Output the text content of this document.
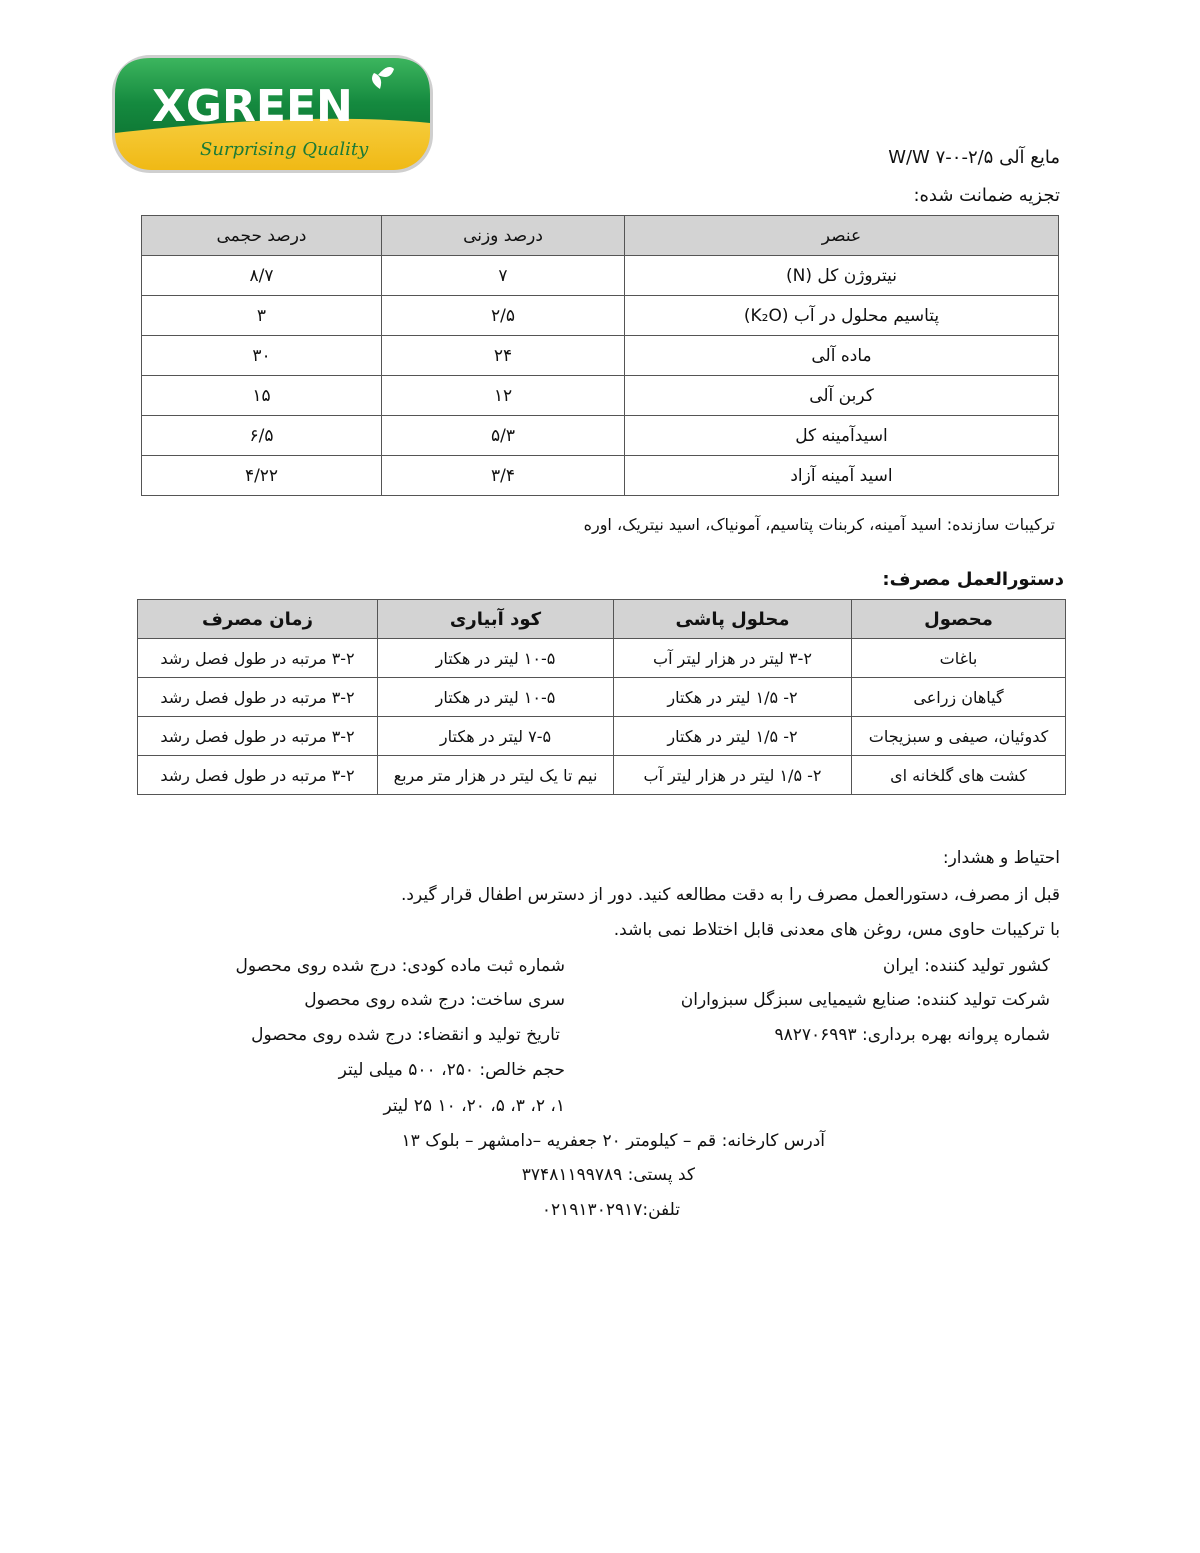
XGREEN
Surprising Quality	مایع آلی ۲/۵-۰-۷ W/W
تجزیه ضمانت شده:
عنصر	درصد وزنی	درصد حجمی
نیتروژن کل (N)	۷	۸/۷
پتاسیم محلول در آب (K₂O)	۲/۵	۳
ماده آلی	۲۴	۳۰
کربن آلی	۱۲	۱۵
اسیدآمینه کل	۵/۳	۶/۵
اسید آمینه آزاد	۳/۴	۴/۲۲
ترکیبات سازنده: اسید آمینه، کربنات پتاسیم، آمونیاک، اسید نیتریک، اوره
دستورالعمل مصرف:
محصول	محلول پاشی	کود آبیاری	زمان مصرف
باغات	۳-۲ لیتر در هزار لیتر آب	۱۰-۵ لیتر در هکتار	۳-۲ مرتبه در طول فصل رشد
گیاهان زراعی	۲- ۱/۵ لیتر در هکتار	۱۰-۵ لیتر در هکتار	۳-۲ مرتبه در طول فصل رشد
کدوئیان، صیفی و سبزیجات	۲- ۱/۵ لیتر در هکتار	۷-۵ لیتر در هکتار	۳-۲ مرتبه در طول فصل رشد
کشت های گلخانه ای	۲- ۱/۵ لیتر در هزار لیتر آب	نیم تا یک لیتر در هزار متر مربع	۳-۲ مرتبه در طول فصل رشد
احتیاط و هشدار:
قبل از مصرف، دستورالعمل مصرف را به دقت مطالعه کنید. دور از دسترس اطفال قرار گیرد.
با ترکیبات حاوی مس، روغن های معدنی قابل اختلاط نمی باشد.
کشور تولید کننده: ایران
شرکت تولید کننده: صنایع شیمیایی سبزگل سبزواران
شماره پروانه بهره برداری: ۹۸۲۷۰۶۹۹۳
شماره ثبت ماده کودی: درج شده روی محصول
سری ساخت: درج شده روی محصول
تاریخ تولید و انقضاء: درج شده روی محصول
حجم خالص: ۲۵۰، ۵۰۰ میلی لیتر
۱، ۲، ۳، ۵، ۲۰، ۱۰ ۲۵ لیتر
آدرس کارخانه: قم – کیلومتر ۲۰ جعفریه –دامشهر – بلوک ۱۳
کد پستی: ۳۷۴۸۱۱۹۹۷۸۹
تلفن:۰۲۱۹۱۳۰۲۹۱۷
